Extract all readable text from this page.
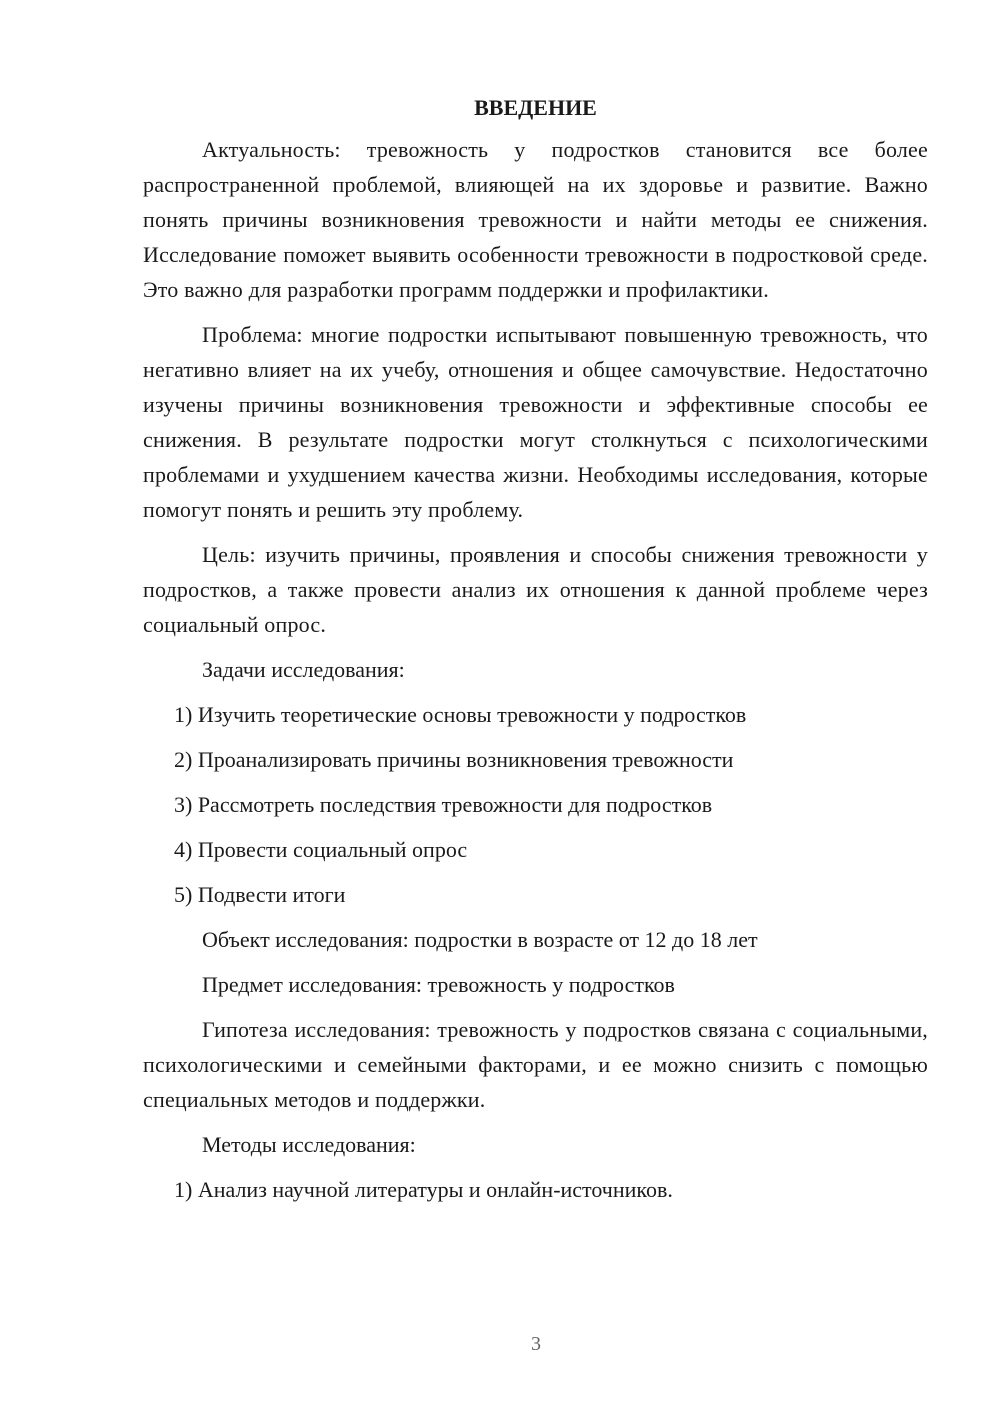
ВВЕДЕНИЕ

Актуальность: тревожность у подростков становится все более распространенной проблемой, влияющей на их здоровье и развитие. Важно понять причины возникновения тревожности и найти методы ее снижения. Исследование поможет выявить особенности тревожности в подростковой среде. Это важно для разработки программ поддержки и профилактики.

Проблема: многие подростки испытывают повышенную тревожность, что негативно влияет на их учебу, отношения и общее самочувствие. Недостаточно изучены причины возникновения тревожности и эффективные способы ее снижения. В результате подростки могут столкнуться с психологическими проблемами и ухудшением качества жизни. Необходимы исследования, которые помогут понять и решить эту проблему.

Цель: изучить причины, проявления и способы снижения тревожности у подростков, а также провести анализ их отношения к данной проблеме через социальный опрос.

Задачи исследования:

1) Изучить теоретические основы тревожности у подростков
2) Проанализировать причины возникновения тревожности
3) Рассмотреть последствия тревожности для подростков
4) Провести социальный опрос
5) Подвести итоги

Объект исследования: подростки в возрасте от 12 до 18 лет

Предмет исследования: тревожность у подростков

Гипотеза исследования: тревожность у подростков связана с социальными, психологическими и семейными факторами, и ее можно снизить с помощью специальных методов и поддержки.

Методы исследования:

1) Анализ научной литературы и онлайн-источников.
3
